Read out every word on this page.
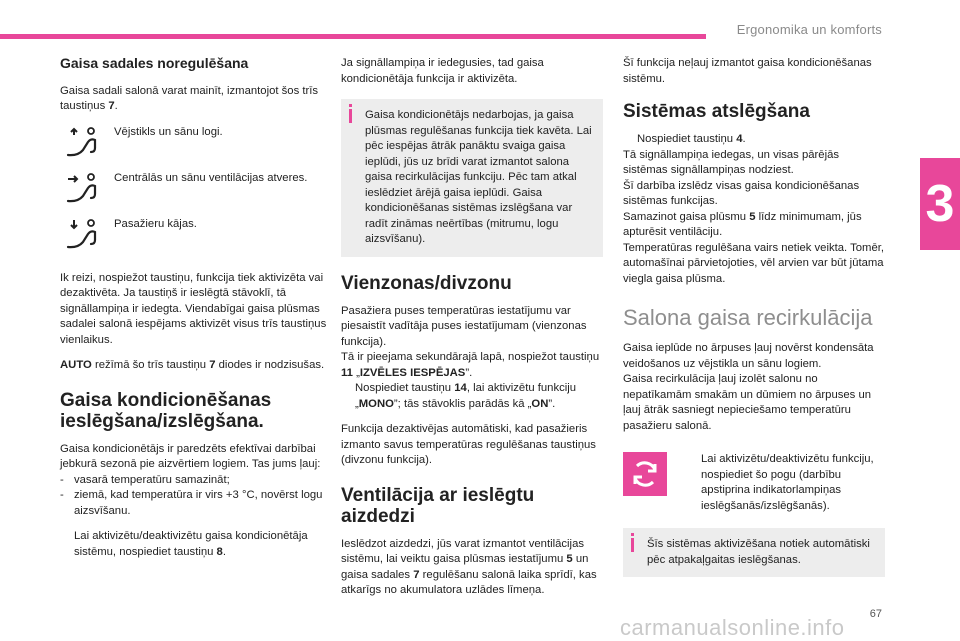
Ergonomika un komforts
3
Gaisa sadales noregulēšana

Gaisa sadali salonā varat mainīt, izmantojot šos trīs taustiņus 7.

Vējstikls un sānu logi.

Centrālās un sānu ventilācijas atveres.

Pasažieru kājas.

Ik reizi, nospiežot taustiņu, funkcija tiek aktivizēta vai dezaktivēta. Ja taustiņš ir ieslēgtā stāvoklī, tā signāllampiņa ir iedegta. Viendabīgai gaisa plūsmas sadalei salonā iespējams aktivizēt visus trīs taustiņus vienlaikus.

AUTO režīmā šo trīs taustiņu 7 diodes ir nodzisušas.

Gaisa kondicionēšanas ieslēgšana/izslēgšana.

Gaisa kondicionētājs ir paredzēts efektīvai darbībai jebkurā sezonā pie aizvērtiem logiem. Tas jums ļauj:

- vasarā temperatūru samazināt;
- ziemā, kad temperatūra ir virs +3 °C, novērst logu aizsvīšanu.
Lai aktivizētu/deaktivizētu gaisa kondicionētāja sistēmu, nospiediet taustiņu 8.

Ja signāllampiņa ir iedegusies, tad gaisa kondicionētāja funkcija ir aktivizēta.

Gaisa kondicionētājs nedarbojas, ja gaisa plūsmas regulēšanas funkcija tiek kavēta. Lai pēc iespējas ātrāk panāktu svaiga gaisa ieplūdi, jūs uz brīdi varat izmantot salona gaisa recirkulācijas funkciju. Pēc tam atkal ieslēdziet ārējā gaisa ieplūdi. Gaisa kondicionēšanas sistēmas izslēgšana var radīt zināmas neērtības (mitrumu, logu aizsvīšanu).

Vienzonas/divzonu

Pasažiera puses temperatūras iestatījumu var piesaistīt vadītāja puses iestatījumam (vienzonas funkcija).

Tā ir pieejama sekundārajā lapā, nospiežot taustiņu 11 „IZVĒLES IESPĒJAS”.

Nospiediet taustiņu 14, lai aktivizētu funkciju „MONO”; tās stāvoklis parādās kā „ON”.

Funkcija dezaktivējas automātiski, kad pasažieris izmanto savus temperatūras regulēšanas taustiņus (divzonu funkcija).

Ventilācija ar ieslēgtu aizdedzi

Ieslēdzot aizdedzi, jūs varat izmantot ventilācijas sistēmu, lai veiktu gaisa plūsmas iestatījumu 5 un gaisa sadales 7 regulēšanu salonā laika sprīdī, kas atkarīgs no akumulatora uzlādes līmeņa.

Šī funkcija neļauj izmantot gaisa kondicionēšanas sistēmu.

Sistēmas atslēgšana
Nospiediet taustiņu 4.

Tā signāllampiņa iedegas, un visas pārējās sistēmas signāllampiņas nodziest.

Šī darbība izslēdz visas gaisa kondicionēšanas sistēmas funkcijas.

Samazinot gaisa plūsmu 5 līdz minimumam, jūs apturēsit ventilāciju.

Temperatūras regulēšana vairs netiek veikta. Tomēr, automašīnai pārvietojoties, vēl arvien var būt jūtama viegla gaisa plūsma.

Salona gaisa recirkulācija

Gaisa ieplūde no ārpuses ļauj novērst kondensāta veidošanos uz vējstikla un sānu logiem.

Gaisa recirkulācija ļauj izolēt salonu no nepatīkamām smakām un dūmiem no ārpuses un ļauj ātrāk sasniegt nepieciešamo temperatūru pasažieru salonā.

Lai aktivizētu/deaktivizētu funkciju, nospiediet šo pogu (darbību apstiprina indikatorlampiņas ieslēgšanās/izslēgšanās).

Šīs sistēmas aktivizēšana notiek automātiski pēc atpakaļgaitas ieslēgšanas.

67
carmanualsonline.info
